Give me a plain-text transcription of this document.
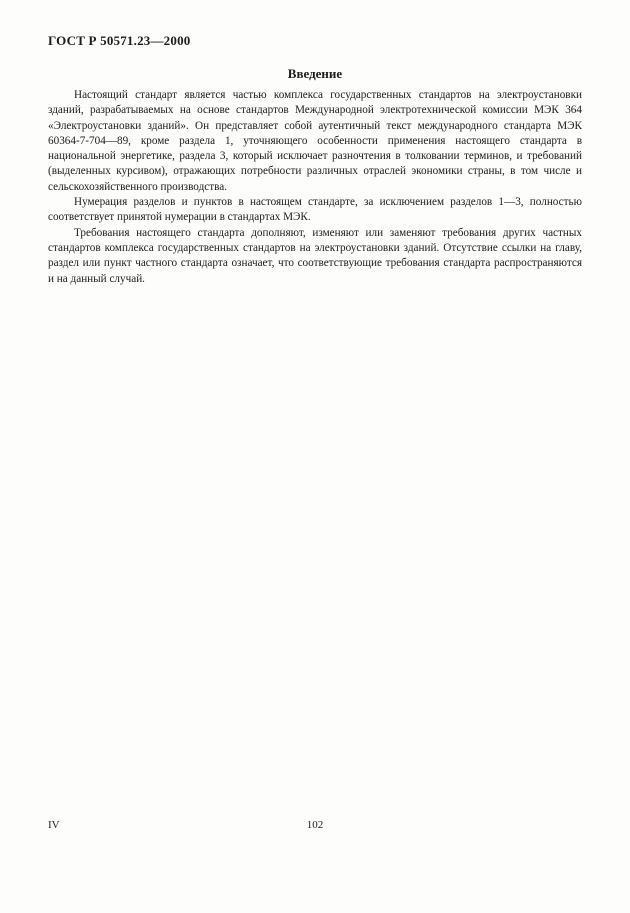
ГОСТ Р 50571.23—2000
Введение

Настоящий стандарт является частью комплекса государственных стандартов на электроустановки зданий, разрабатываемых на основе стандартов Международной электротехнической комиссии МЭК 364 «Электроустановки зданий». Он представляет собой аутентичный текст международного стандарта МЭК 60364-7-704—89, кроме раздела 1, уточняющего особенности применения настоящего стандарта в национальной энергетике, раздела 3, который исключает разночтения в толковании терминов, и требований (выделенных курсивом), отражающих потребности различных отраслей экономики страны, в том числе и сельскохозяйственного производства.

Нумерация разделов и пунктов в настоящем стандарте, за исключением разделов 1—3, полностью соответствует принятой нумерации в стандартах МЭК.

Требования настоящего стандарта дополняют, изменяют или заменяют требования других частных стандартов комплекса государственных стандартов на электроустановки зданий. Отсутствие ссылки на главу, раздел или пункт частного стандарта означает, что соответствующие требования стандарта распространяются и на данный случай.

IV	102
